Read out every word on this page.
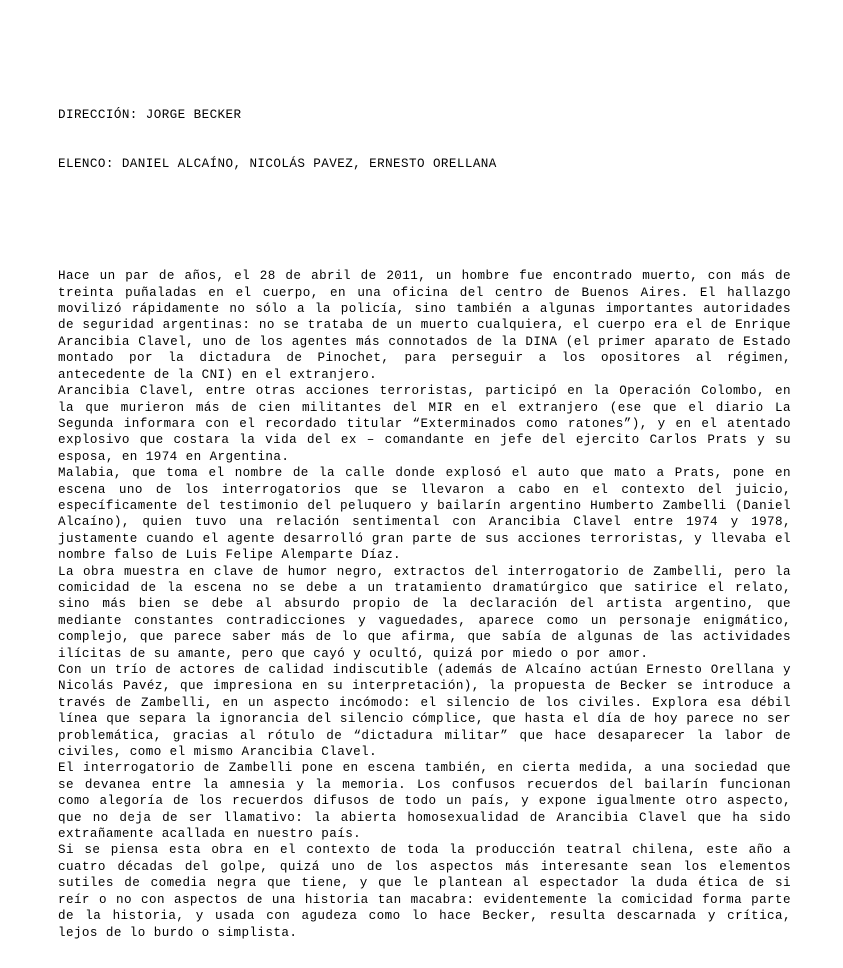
DIRECCIÓN: JORGE BECKER

ELENCO: DANIEL ALCAÍNO, NICOLÁS PAVEZ, ERNESTO ORELLANA

Hace un par de años, el 28 de abril de 2011, un hombre fue encontrado muerto, con más de treinta puñaladas en el cuerpo, en una oficina del centro de Buenos Aires. El hallazgo movilizó rápidamente no sólo a la policía, sino también a algunas importantes autoridades de seguridad argentinas: no se trataba de un muerto cualquiera, el cuerpo era el de Enrique Arancibia Clavel, uno de los agentes más connotados de la DINA (el primer aparato de Estado montado por la dictadura de Pinochet, para perseguir a los opositores al régimen, antecedente de la CNI) en el extranjero.

Arancibia Clavel, entre otras acciones terroristas, participó en la Operación Colombo, en la que murieron más de cien militantes del MIR en el extranjero (ese que el diario La Segunda informara con el recordado titular “Exterminados como ratones”), y en el atentado explosivo que costara la vida del ex – comandante en jefe del ejercito Carlos Prats y su esposa, en 1974 en Argentina.

Malabia, que toma el nombre de la calle donde explosó el auto que mato a Prats, pone en escena uno de los interrogatorios que se llevaron a cabo en el contexto del juicio, específicamente del testimonio del peluquero y bailarín argentino Humberto Zambelli (Daniel Alcaíno), quien tuvo una relación sentimental con Arancibia Clavel entre 1974 y 1978, justamente cuando el agente desarrolló gran parte de sus acciones terroristas, y llevaba el nombre falso de Luis Felipe Alemparte Díaz.

La obra muestra en clave de humor negro, extractos del interrogatorio de Zambelli, pero la comicidad de la escena no se debe a un tratamiento dramatúrgico que satirice el relato, sino más bien se debe al absurdo propio de la declaración del artista argentino, que mediante constantes contradicciones y vaguedades, aparece como un personaje enigmático, complejo, que parece saber más de lo que afirma, que sabía de algunas de las actividades ilícitas de su amante, pero que cayó y ocultó, quizá por miedo o por amor.

Con un trío de actores de calidad indiscutible (además de Alcaíno actúan Ernesto Orellana y Nicolás Pavéz, que impresiona en su interpretación), la propuesta de Becker se introduce a través de Zambelli, en un aspecto incómodo: el silencio de los civiles. Explora esa débil línea que separa la ignorancia del silencio cómplice, que hasta el día de hoy parece no ser problemática, gracias al rótulo de “dictadura militar” que hace desaparecer la labor de civiles, como el mismo Arancibia Clavel.

El interrogatorio de Zambelli pone en escena también, en cierta medida, a una sociedad que se devanea entre la amnesia y la memoria. Los confusos recuerdos del bailarín funcionan como alegoría de los recuerdos difusos de todo un país, y expone igualmente otro aspecto, que no deja de ser llamativo: la abierta homosexualidad de Arancibia Clavel que ha sido extrañamente acallada en nuestro país.

Si se piensa esta obra en el contexto de toda la producción teatral chilena, este año a cuatro décadas del golpe, quizá uno de los aspectos más interesante sean los elementos sutiles de comedia negra que tiene, y que le plantean al espectador la duda ética de si reír o no con aspectos de una historia tan macabra: evidentemente la comicidad forma parte de la historia, y usada con agudeza como lo hace Becker, resulta descarnada y crítica, lejos de lo burdo o simplista.
